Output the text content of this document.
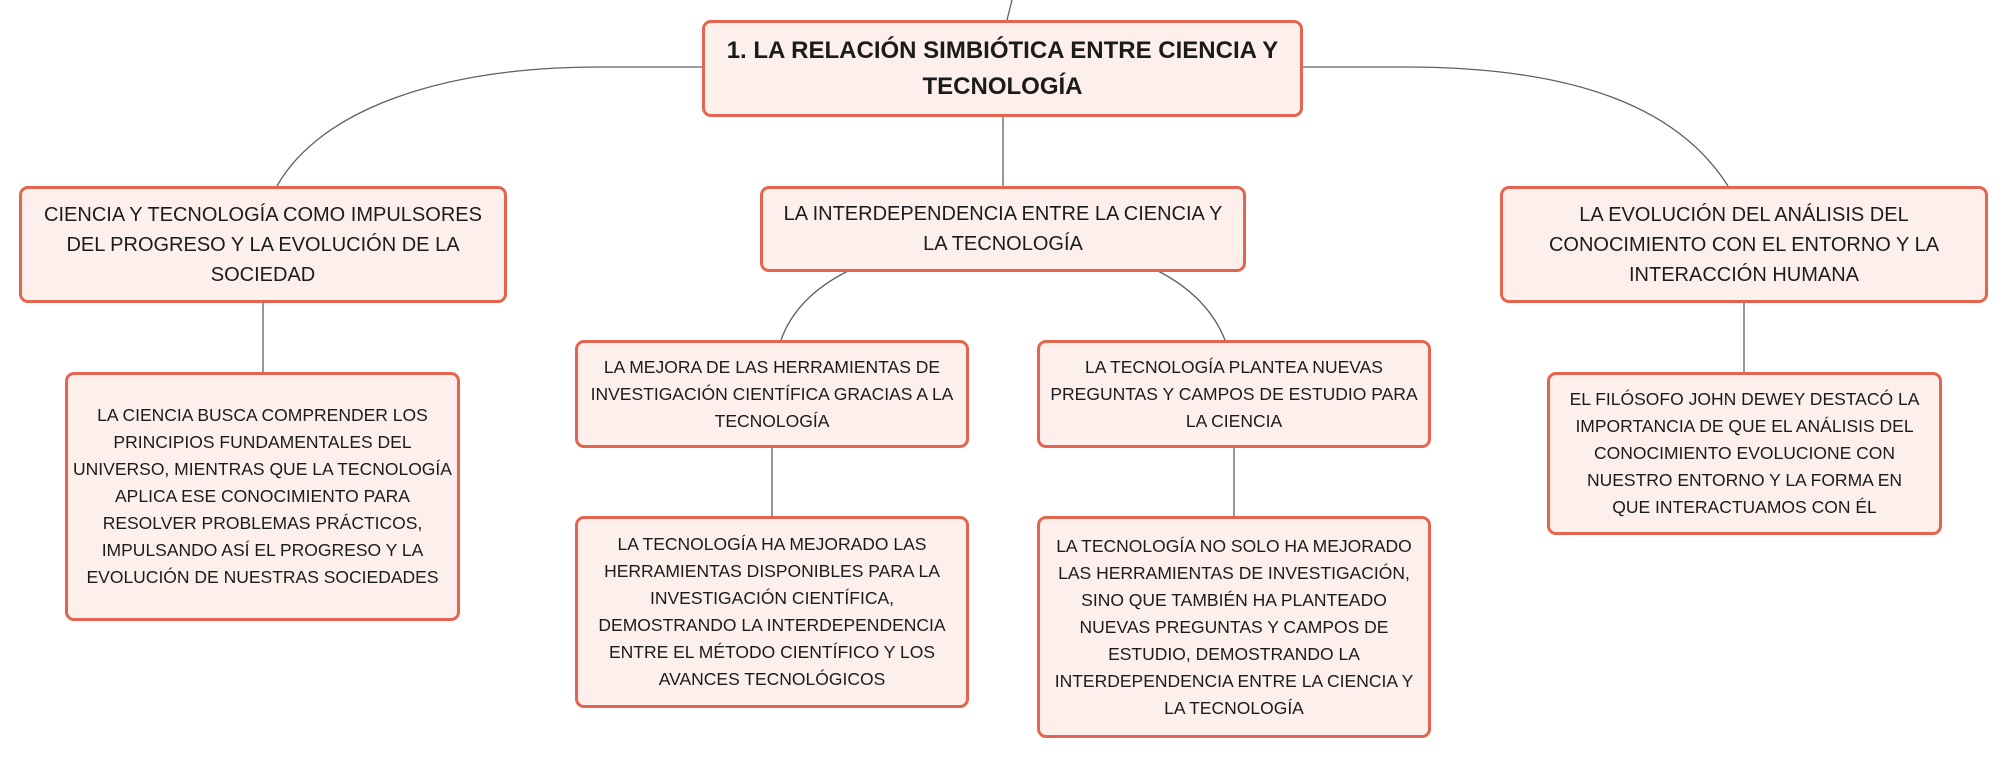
1. LA RELACIÓN SIMBIÓTICA ENTRE CIENCIA Y TECNOLOGÍA
CIENCIA Y TECNOLOGÍA COMO IMPULSORES DEL PROGRESO Y LA EVOLUCIÓN DE LA SOCIEDAD
LA INTERDEPENDENCIA ENTRE LA CIENCIA Y LA TECNOLOGÍA
LA EVOLUCIÓN DEL ANÁLISIS DEL CONOCIMIENTO CON EL ENTORNO Y LA INTERACCIÓN HUMANA
LA CIENCIA BUSCA COMPRENDER LOS PRINCIPIOS FUNDAMENTALES DEL UNIVERSO, MIENTRAS QUE LA TECNOLOGÍA APLICA ESE CONOCIMIENTO PARA RESOLVER PROBLEMAS PRÁCTICOS, IMPULSANDO ASÍ EL PROGRESO Y LA EVOLUCIÓN DE NUESTRAS SOCIEDADES
LA MEJORA DE LAS HERRAMIENTAS DE INVESTIGACIÓN CIENTÍFICA GRACIAS A LA TECNOLOGÍA
LA TECNOLOGÍA PLANTEA NUEVAS PREGUNTAS Y CAMPOS DE ESTUDIO PARA LA CIENCIA
LA TECNOLOGÍA HA MEJORADO LAS HERRAMIENTAS DISPONIBLES PARA LA INVESTIGACIÓN CIENTÍFICA, DEMOSTRANDO LA INTERDEPENDENCIA ENTRE EL MÉTODO CIENTÍFICO Y LOS AVANCES TECNOLÓGICOS
LA TECNOLOGÍA NO SOLO HA MEJORADO LAS HERRAMIENTAS DE INVESTIGACIÓN, SINO QUE TAMBIÉN HA PLANTEADO NUEVAS PREGUNTAS Y CAMPOS DE ESTUDIO, DEMOSTRANDO LA INTERDEPENDENCIA ENTRE LA CIENCIA Y LA TECNOLOGÍA
EL FILÓSOFO JOHN DEWEY DESTACÓ LA IMPORTANCIA DE QUE EL ANÁLISIS DEL CONOCIMIENTO EVOLUCIONE CON NUESTRO ENTORNO Y LA FORMA EN QUE INTERACTUAMOS CON ÉL
